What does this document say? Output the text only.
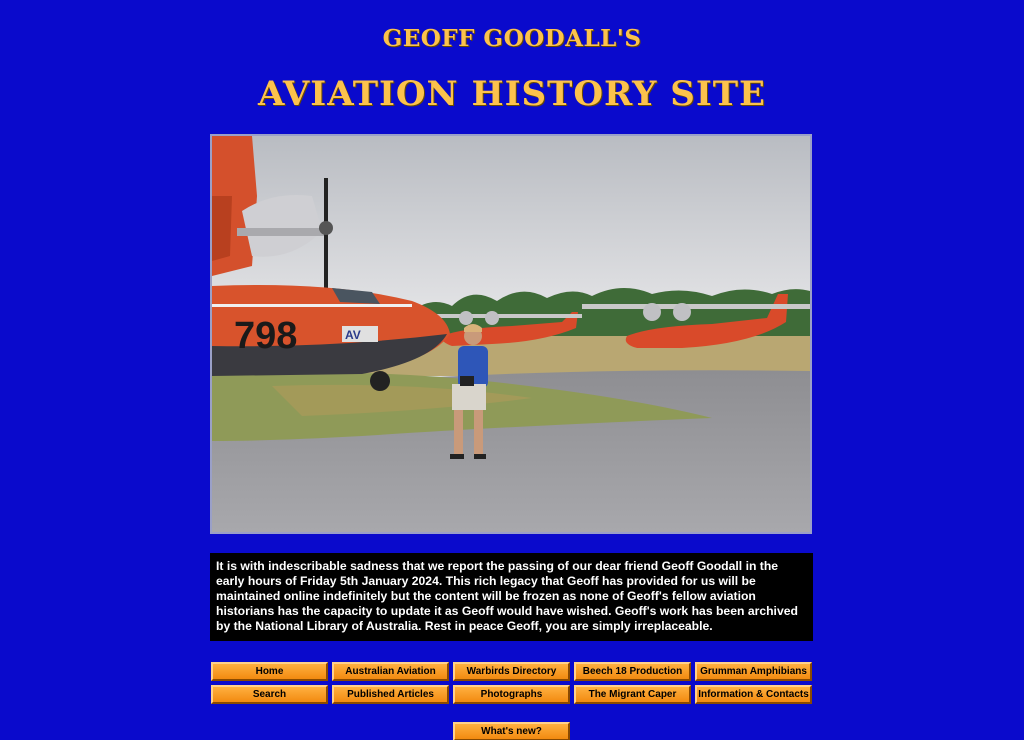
GEOFF GOODALL'S
AVIATION HISTORY SITE
798	AV
It is with indescribable sadness that we report the passing of our dear friend Geoff Goodall in the early hours of Friday 5th January 2024. This rich legacy that Geoff has provided for us will be maintained online indefinitely but the content will be frozen as none of Geoff's fellow aviation historians has the capacity to update it as Geoff would have wished. Geoff's work has been archived by the National Library of Australia. Rest in peace Geoff, you are simply irreplaceable.
Home	Australian Aviation	Warbirds Directory	Beech 18 Production	Grumman Amphibians
Search	Published Articles	Photographs	The Migrant Caper	Information & Contacts
What's new?
